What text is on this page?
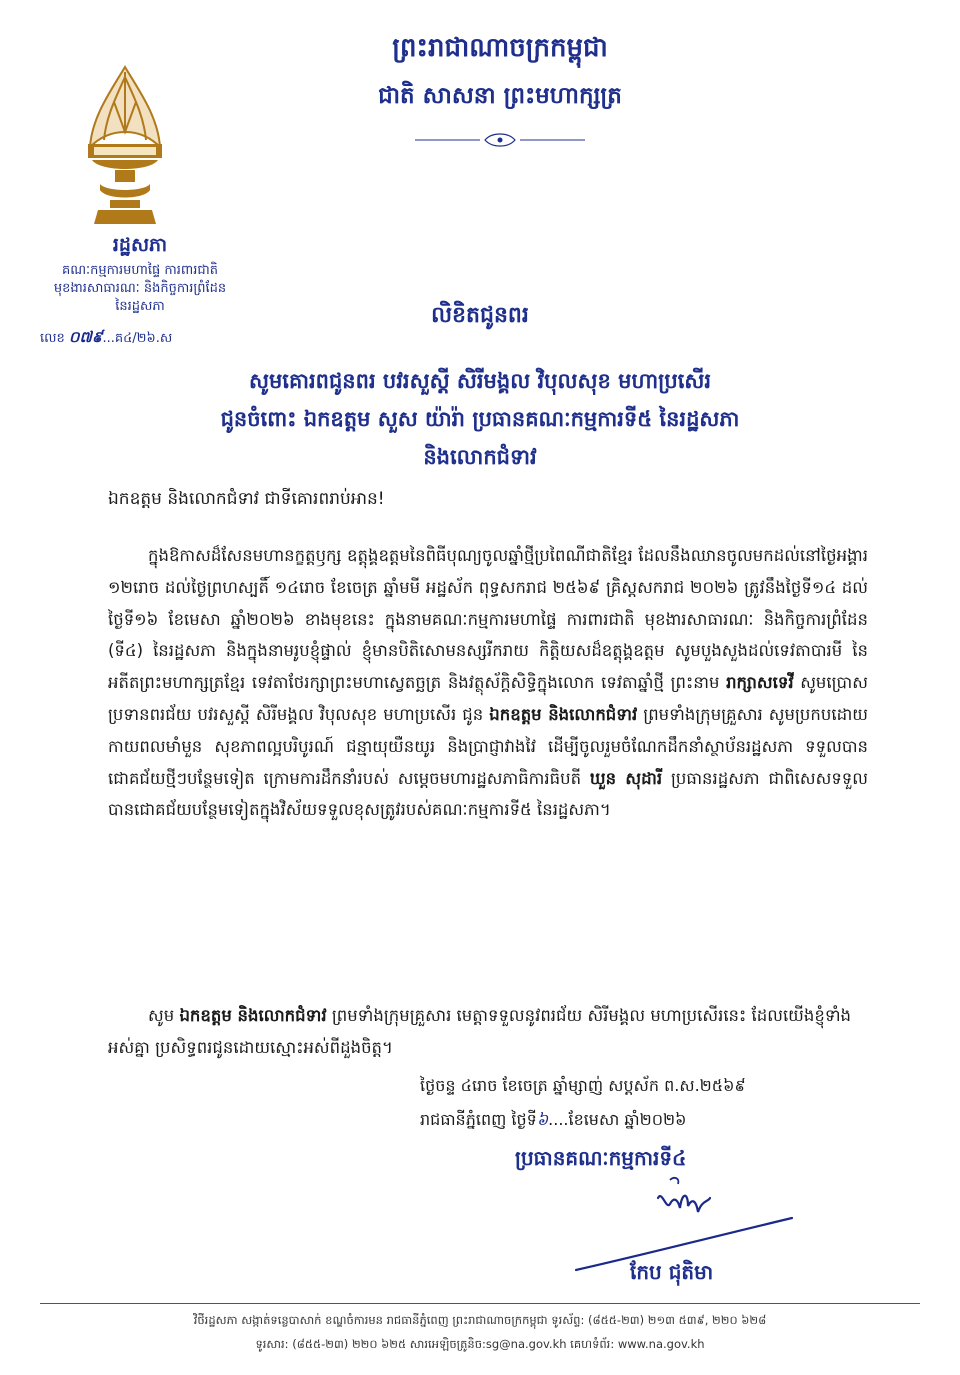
ព្រះរាជាណាចក្រកម្ពុជា
ជាតិ សាសនា ព្រះមហាក្សត្រ
រដ្ឋសភា
គណៈកម្មការមហាផ្ទៃ ការពារជាតិ
មុខងារសាធារណៈ និងកិច្ចការព្រំដែន
នៃរដ្ឋសភា
លេខ ០៧៩...គ៤/២៦.ស
លិខិតជូនពរ
សូមគោរពជូនពរ បវរសួស្តី សិរីមង្គល វិបុលសុខ មហាប្រសើរ
ជូនចំពោះ ឯកឧត្តម សួស យ៉ារ៉ា ប្រធានគណៈកម្មការទី៥ នៃរដ្ឋសភា
និងលោកជំទាវ
ឯកឧត្តម និងលោកជំទាវ ជាទីគោរពរាប់អាន!
ក្នុងឱកាសដ៏សែនមហានក្ខត្តឫក្ស ឧត្តុង្គឧត្តមនៃពិធីបុណ្យចូលឆ្នាំថ្មីប្រពៃណីជាតិខ្មែរ ដែលនឹងឈានចូលមកដល់នៅថ្ងៃអង្គារ ១២រោច ដល់ថ្ងៃព្រហស្បតិ៍ ១៤រោច ខែចេត្រ ឆ្នាំមមី អដ្ឋស័ក ពុទ្ធសករាជ ២៥៦៩ គ្រិស្តសករាជ ២០២៦ ត្រូវនឹងថ្ងៃទី១៤ ដល់ថ្ងៃទី១៦ ខែមេសា ឆ្នាំ២០២៦ ខាងមុខនេះ ក្នុងនាមគណៈកម្មការមហាផ្ទៃ ការពារជាតិ មុខងារសាធារណៈ និងកិច្ចការព្រំដែន (ទី៤) នៃរដ្ឋសភា និងក្នុងនាមរូបខ្ញុំផ្ទាល់ ខ្ញុំមានបិតិសោមនស្សរីករាយ កិត្តិយសដ៏ឧត្តុង្គឧត្តម សូមបួងសួងដល់ទេវតាបារមី នៃអតីតព្រះមហាក្សត្រខ្មែរ ទេវតាថែរក្សាព្រះមហាស្វេតច្ឆត្រ និងវត្ថុស័ក្តិសិទ្ធិក្នុងលោក ទេវតាឆ្នាំថ្មី ព្រះនាម រាក្សាសទេវី សូមប្រោសប្រទានពរជ័យ បវរសួស្តី សិរីមង្គល វិបុលសុខ មហាប្រសើរ ជូន ឯកឧត្តម និងលោកជំទាវ ព្រមទាំងក្រុមគ្រួសារ សូមប្រកបដោយកាយពលមាំមួន សុខភាពល្អបរិបូរណ៍ ជន្មាយុយឺនយូរ និងប្រាជ្ញាវាងវៃ ដើម្បីចូលរួមចំណែកដឹកនាំស្ថាប័នរដ្ឋសភា ទទួលបានជោគជ័យថ្មីៗបន្ថែមទៀត ក្រោមការដឹកនាំរបស់ សម្តេចមហារដ្ឋសភាធិការធិបតី ឃួន សុដារី ប្រធានរដ្ឋសភា ជាពិសេសទទួលបានជោគជ័យបន្ថែមទៀតក្នុងវិស័យទទួលខុសត្រូវរបស់គណៈកម្មការទី៥ នៃរដ្ឋសភា។
សូម ឯកឧត្តម និងលោកជំទាវ ព្រមទាំងក្រុមគ្រួសារ មេត្តាទទួលនូវពរជ័យ សិរីមង្គល មហាប្រសើរនេះ ដែលយើងខ្ញុំទាំងអស់គ្នា ប្រសិទ្ធពរជូនដោយស្មោះអស់ពីដួងចិត្ត។
ថ្ងៃចន្ទ ៤រោច ខែចេត្រ ឆ្នាំម្សាញ់ សប្តស័ក ព.ស.២៥៦៩
រាជធានីភ្នំពេញ ថ្ងៃទី៦....ខែមេសា ឆ្នាំ២០២៦
ប្រធានគណៈកម្មការទី៤
កែប ជុតិមា
វិថីរដ្ឋសភា សង្កាត់ទន្លេបាសាក់ ខណ្ឌចំការមន រាជធានីភ្នំពេញ ព្រះរាជាណាចក្រកម្ពុជា ទូរស័ព្ទ: (៨៥៥-២៣) ២១៣ ៥៣៩, ២២០ ៦២៨
ទូរសារ: (៨៥៥-២៣) ២២០ ៦២៥ សារអេឡិចត្រូនិច:sg@na.gov.kh គេហទំព័រ: www.na.gov.kh
